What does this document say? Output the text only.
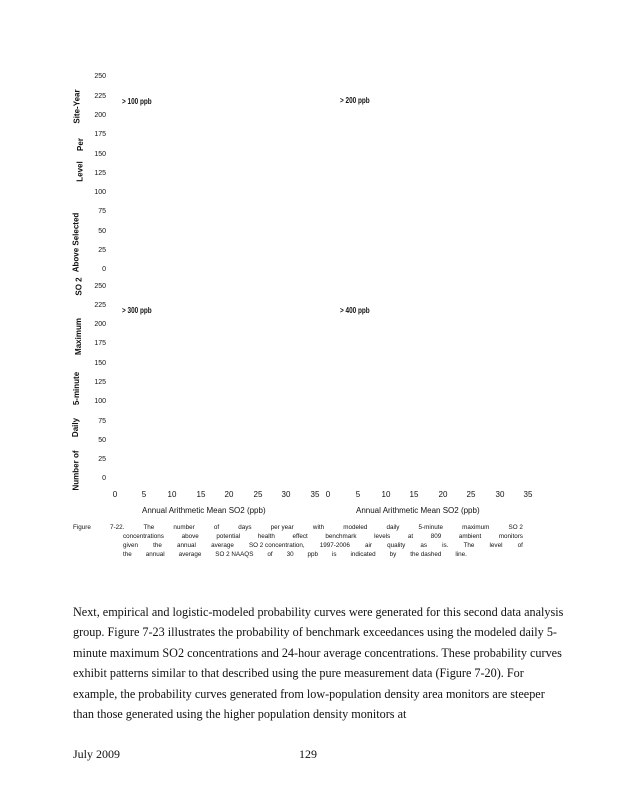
250
225
200
175
150
125
100
75
50
25
0
250
225
200
175
150
125
100
75
50
25
0
Number of
Daily
5-minute
Maximum
SO 2
Above Selected
Level
Per
Site-Year	> 100 ppb	> 200 ppb
> 300 ppb	> 400 ppb
0	5	10	15	20	25	30	35 0	5	10	15	20	25	30	35
Annual Arithmetic Mean SO2 (ppb)	Annual Arithmetic Mean SO2 (ppb)
Figure	7-22.	The	number	of	days	per year	with	modeled	daily	5-minute	maximum	SO 2
concentrations	above	potential	health	effect	benchmark	levels	at	809	ambient	monitors
given the annual average SO 2 concentration, 1997-2006 air quality as is. The level of
the annual average SO 2 NAAQS of 30 ppb is indicated by the dashed line.
Next, empirical and logistic-modeled probability curves were generated for this second data analysis group. Figure 7-23 illustrates the probability of benchmark exceedances using the modeled daily 5-minute maximum SO2 concentrations and 24-hour average concentrations. These probability curves exhibit patterns similar to that described using the pure measurement data (Figure 7-20). For example, the probability curves generated from low-population density area monitors are steeper than those generated using the higher population density monitors at
July 2009	129
